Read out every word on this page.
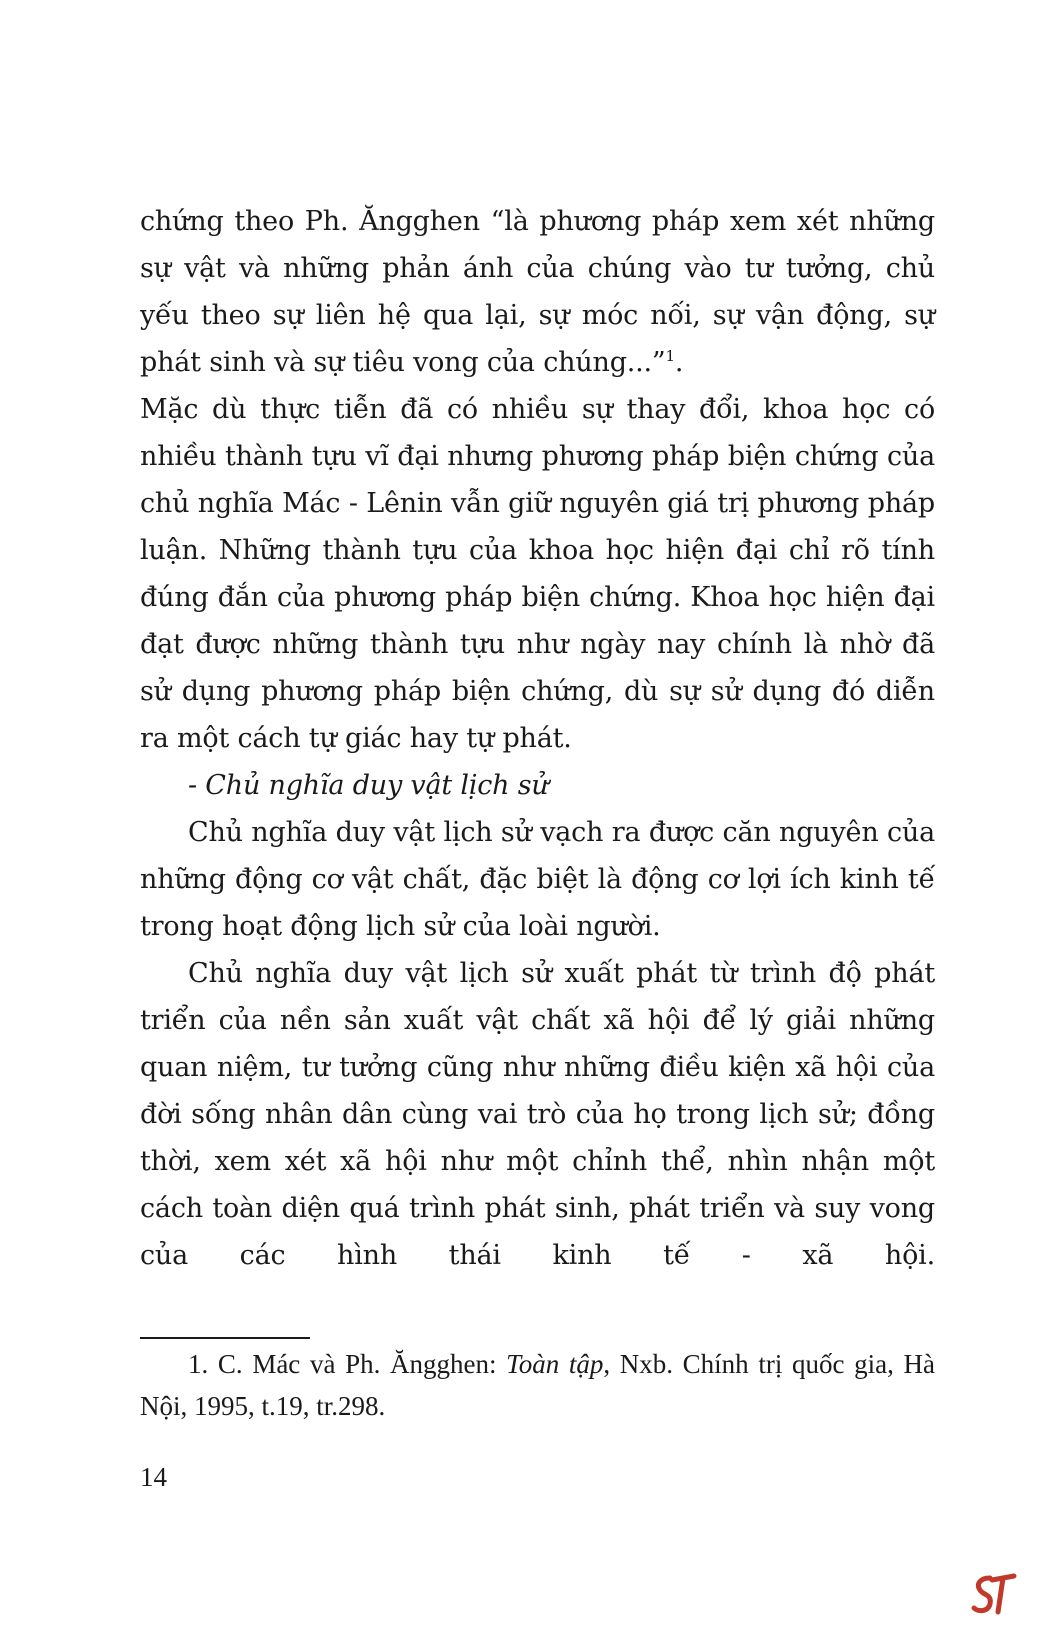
chứng theo Ph. Ăngghen “là phương pháp xem xét những sự vật và những phản ánh của chúng vào tư tưởng, chủ yếu theo sự liên hệ qua lại, sự móc nối, sự vận động, sự phát sinh và sự tiêu vong của chúng...”$^1$.

Mặc dù thực tiễn đã có nhiều sự thay đổi, khoa học có nhiều thành tựu vĩ đại nhưng phương pháp biện chứng của chủ nghĩa Mác - Lênin vẫn giữ nguyên giá trị phương pháp luận. Những thành tựu của khoa học hiện đại chỉ rõ tính đúng đắn của phương pháp biện chứng. Khoa học hiện đại đạt được những thành tựu như ngày nay chính là nhờ đã sử dụng phương pháp biện chứng, dù sự sử dụng đó diễn ra một cách tự giác hay tự phát.

- Chủ nghĩa duy vật lịch sử

Chủ nghĩa duy vật lịch sử vạch ra được căn nguyên của những động cơ vật chất, đặc biệt là động cơ lợi ích kinh tế trong hoạt động lịch sử của loài người.

Chủ nghĩa duy vật lịch sử xuất phát từ trình độ phát triển của nền sản xuất vật chất xã hội để lý giải những quan niệm, tư tưởng cũng như những điều kiện xã hội của đời sống nhân dân cùng vai trò của họ trong lịch sử; đồng thời, xem xét xã hội như một chỉnh thể, nhìn nhận một cách toàn diện quá trình phát sinh, phát triển và suy vong của các hình thái kinh tế - xã hội.

1. C. Mác và Ph. Ăngghen: Toàn tập, Nxb. Chính trị quốc gia, Hà Nội, 1995, t.19, tr.298.

14
